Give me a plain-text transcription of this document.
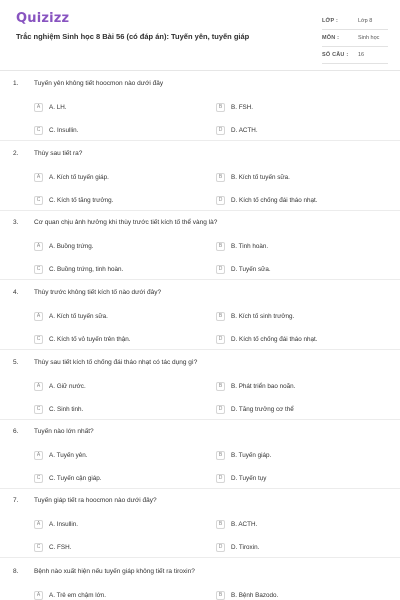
Quizizz
Trắc nghiệm Sinh học 8 Bài 56 (có đáp án): Tuyến yên, tuyến giáp
LỚP :	Lớp 8
MÔN :	Sinh học
SỐ CÂU :	16
1. Tuyến yên không tiết hoocmon nào dưới đây
A	A. LH.	B	B. FSH.
C	C. Insullin.	D	D. ACTH.
2. Thùy sau tiết ra?
A	A. Kích tố tuyến giáp.	B	B. Kích tố tuyến sữa.
C	C. Kích tố tăng trưởng.	D	D. Kích tố chống đái tháo nhạt.
3. Cơ quan chịu ảnh hưởng khi thùy trước tiết kích tố thể vàng là?
A	A. Buồng trứng.	B	B. Tinh hoàn.
C	C. Buồng trứng, tinh hoàn.	D	D. Tuyến sữa.
4. Thùy trước không tiết kích tố nào dưới đây?
A	A. Kích tố tuyến sữa.	B	B. Kích tố sinh trưởng.
C	C. Kích tố vỏ tuyến trên thận.	D	D. Kích tố chống đái tháo nhạt.
5. Thùy sau tiết kích tố chống đái tháo nhạt có tác dụng gì?
A	A. Giữ nước.	B	B. Phát triển bao noãn.
C	C. Sinh tinh.	D	D. Tăng trưởng cơ thể
6. Tuyến nào lớn nhất?
A	A. Tuyến yên.	B	B. Tuyến giáp.
C	C. Tuyến cận giáp.	D	D. Tuyến tụy
7. Tuyến giáp tiết ra hoocmon nào dưới đây?
A	A. Insullin.	B	B. ACTH.
C	C. FSH.	D	D. Tiroxin.
8. Bệnh nào xuất hiện nếu tuyến giáp không tiết ra tiroxin?
A	A. Trẻ em chậm lớn.	B	B. Bệnh Bazodo.
